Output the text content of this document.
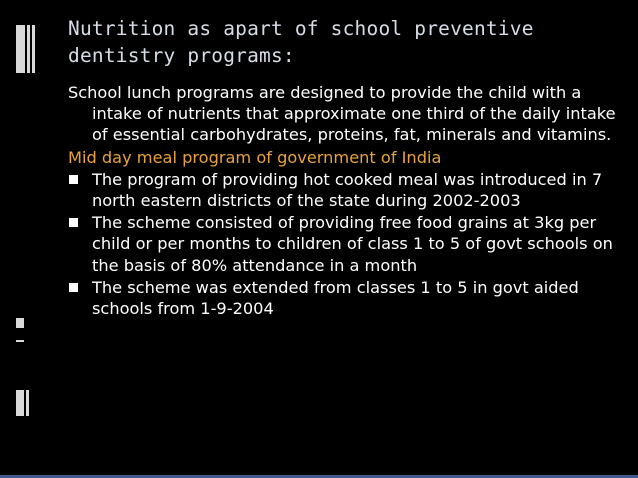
Nutrition as apart of school preventive dentistry programs:

School lunch programs are designed to provide the child with a intake of nutrients that approximate one third of the daily intake of essential carbohydrates, proteins, fat, minerals and vitamins.

Mid day meal program of government of India

The program of providing hot cooked meal was introduced in 7 north eastern districts of the state during 2002-2003
The scheme consisted of providing free food grains at 3kg per child or per months to children of class 1 to 5 of govt schools on the basis of 80% attendance in a month
The scheme was extended from classes 1 to 5 in govt aided schools from 1-9-2004
